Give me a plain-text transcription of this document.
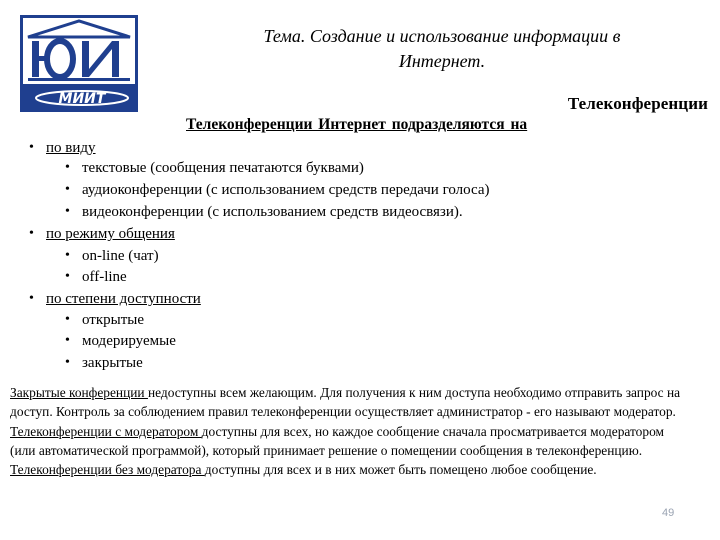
МИИТ
Тема. Создание и использование информации в
Интернет.
Телеконференции
Телеконференции Интернет подразделяются на
• по виду
• текстовые (сообщения печатаются буквами)
• аудиоконференции (с использованием средств передачи голоса)
• видеоконференции (с использованием средств видеосвязи).
• по режиму общения
• on-line (чат)
• off-line
• по степени доступности
• открытые
• модерируемые
• закрытые

Закрытые конференции недоступны всем желающим. Для получения к ним доступа необходимо отправить запрос на доступ. Контроль за соблюдением правил телеконференции осуществляет администратор - его называют модератор.

Телеконференции с модератором доступны для всех, но каждое сообщение сначала просматривается модератором (или автоматической программой), который принимает решение о помещении сообщения в телеконференцию.

Телеконференции без модератора доступны для всех и в них может быть помещено любое сообщение.

49
